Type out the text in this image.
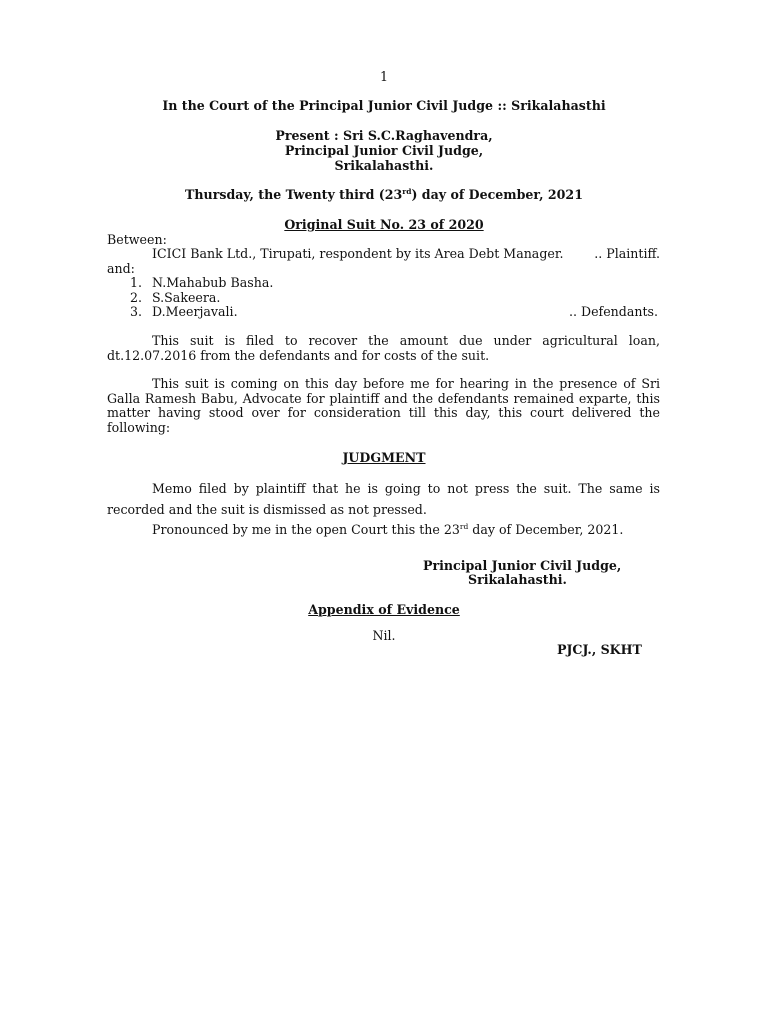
1
In the Court of the Principal Junior Civil Judge :: Srikalahasthi
Present : Sri S.C.Raghavendra,
Principal Junior Civil Judge,
Srikalahasthi.
Thursday, the Twenty third (23rd) day of December, 2021
Original Suit No. 23 of 2020
Between:
ICICI Bank Ltd., Tirupati, respondent by its Area Debt Manager.	.. Plaintiff.
and:
1. N.Mahabub Basha.
2. S.Sakeera.
3. D.Meerjavali.	.. Defendants.
This suit is filed to recover the amount due under agricultural loan, dt.12.07.2016 from the defendants and for costs of the suit.
This suit is coming on this day before me for hearing in the presence of Sri Galla Ramesh Babu, Advocate for plaintiff and the defendants remained exparte, this matter having stood over for consideration till this day, this court delivered the following:
JUDGMENT
Memo filed by plaintiff that he is going to not press the suit. The same is recorded and the suit is dismissed as not pressed.
Pronounced by me in the open Court this the 23rd day of December, 2021.
Principal Junior Civil Judge,
Srikalahasthi.
Appendix of Evidence
Nil.
PJCJ., SKHT
